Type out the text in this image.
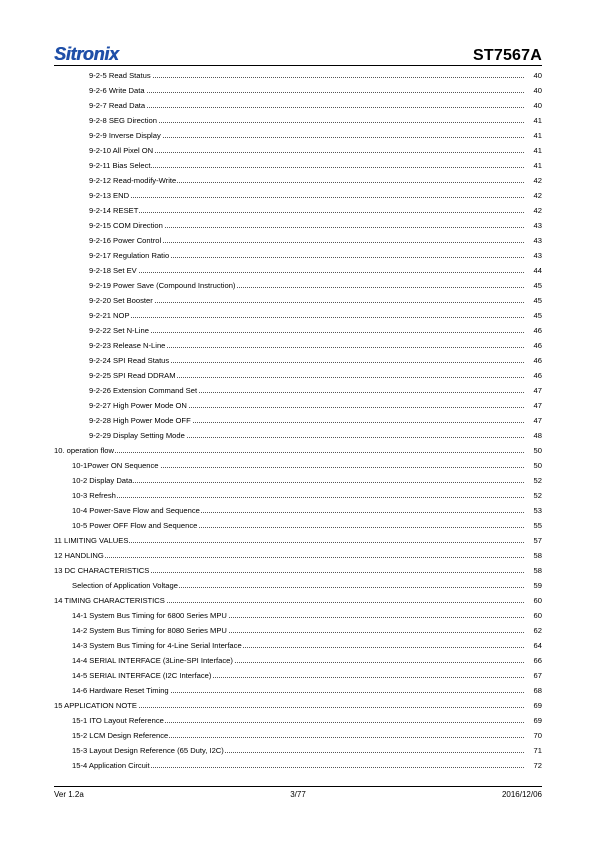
Sitronix	ST7567A
9-2-5 Read Status	40
9-2-6 Write Data	40
9-2-7 Read Data	40
9-2-8 SEG Direction	41
9-2-9 Inverse Display	41
9-2-10 All Pixel ON	41
9-2-11 Bias Select	41
9-2-12 Read-modify-Write	42
9-2-13 END	42
9-2-14 RESET	42
9-2-15 COM Direction	43
9-2-16 Power Control	43
9-2-17 Regulation Ratio	43
9-2-18 Set EV	44
9-2-19 Power Save (Compound Instruction)	45
9-2-20 Set Booster	45
9-2-21 NOP	45
9-2-22 Set N-Line	46
9-2-23 Release N-Line	46
9-2-24 SPI Read Status	46
9-2-25 SPI Read DDRAM	46
9-2-26 Extension Command Set	47
9-2-27 High Power Mode ON	47
9-2-28 High Power Mode OFF	47
9-2-29 Display Setting Mode	48
10. operation flow	50
10-1Power ON Sequence	50
10-2 Display Data	52
10-3 Refresh	52
10-4 Power-Save Flow and Sequence	53
10-5 Power OFF Flow and Sequence	55
11 LIMITING VALUES	57
12 HANDLING	58
13 DC CHARACTERISTICS	58
Selection of Application Voltage	59
14 TIMING CHARACTERISTICS	60
14-1 System Bus Timing for 6800 Series MPU	60
14-2 System Bus Timing for 8080 Series MPU	62
14-3 System Bus Timing for 4-Line Serial Interface	64
14-4 SERIAL INTERFACE (3Line-SPI Interface)	66
14-5 SERIAL INTERFACE (I2C Interface)	67
14-6 Hardware Reset Timing	68
15 APPLICATION NOTE	69
15-1 ITO Layout Reference	69
15-2 LCM Design Reference	70
15-3 Layout Design Reference (65 Duty, I2C)	71
15-4 Application Circuit	72
Ver 1.2a	3/77	2016/12/06
